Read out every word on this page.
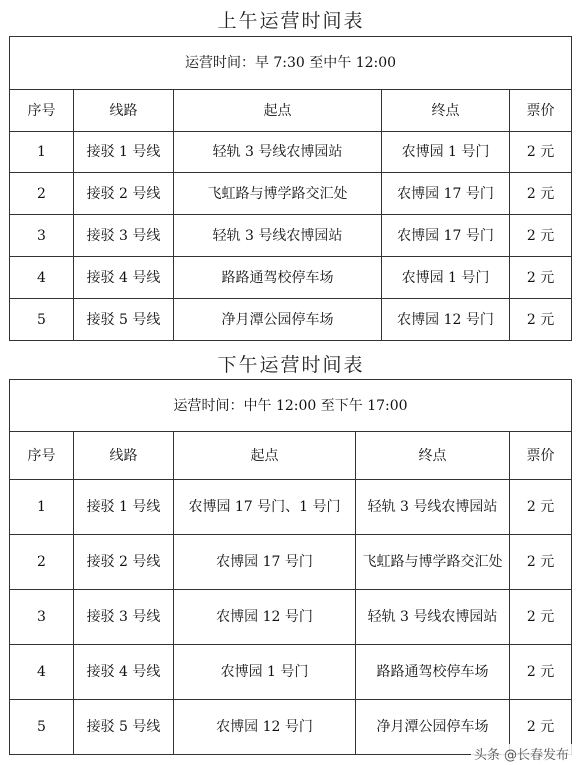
上午运营时间表
运营时间：早 7:30 至中午 12:00				
序号	线路	起点	终点	票价
1	接驳 1 号线	轻轨 3 号线农博园站	农博园 1 号门	2 元
2	接驳 2 号线	飞虹路与博学路交汇处	农博园 17 号门	2 元
3	接驳 3 号线	轻轨 3 号线农博园站	农博园 17 号门	2 元
4	接驳 4 号线	路路通驾校停车场	农博园 1 号门	2 元
5	接驳 5 号线	净月潭公园停车场	农博园 12 号门	2 元
下午运营时间表
运营时间：中午 12:00 至下午 17:00				
序号	线路	起点	终点	票价
1	接驳 1 号线	农博园 17 号门、1 号门	轻轨 3 号线农博园站	2 元
2	接驳 2 号线	农博园 17 号门	飞虹路与博学路交汇处	2 元
3	接驳 3 号线	农博园 12 号门	轻轨 3 号线农博园站	2 元
4	接驳 4 号线	农博园 1 号门	路路通驾校停车场	2 元
5	接驳 5 号线	农博园 12 号门	净月潭公园停车场	2 元
头条 @长春发布
